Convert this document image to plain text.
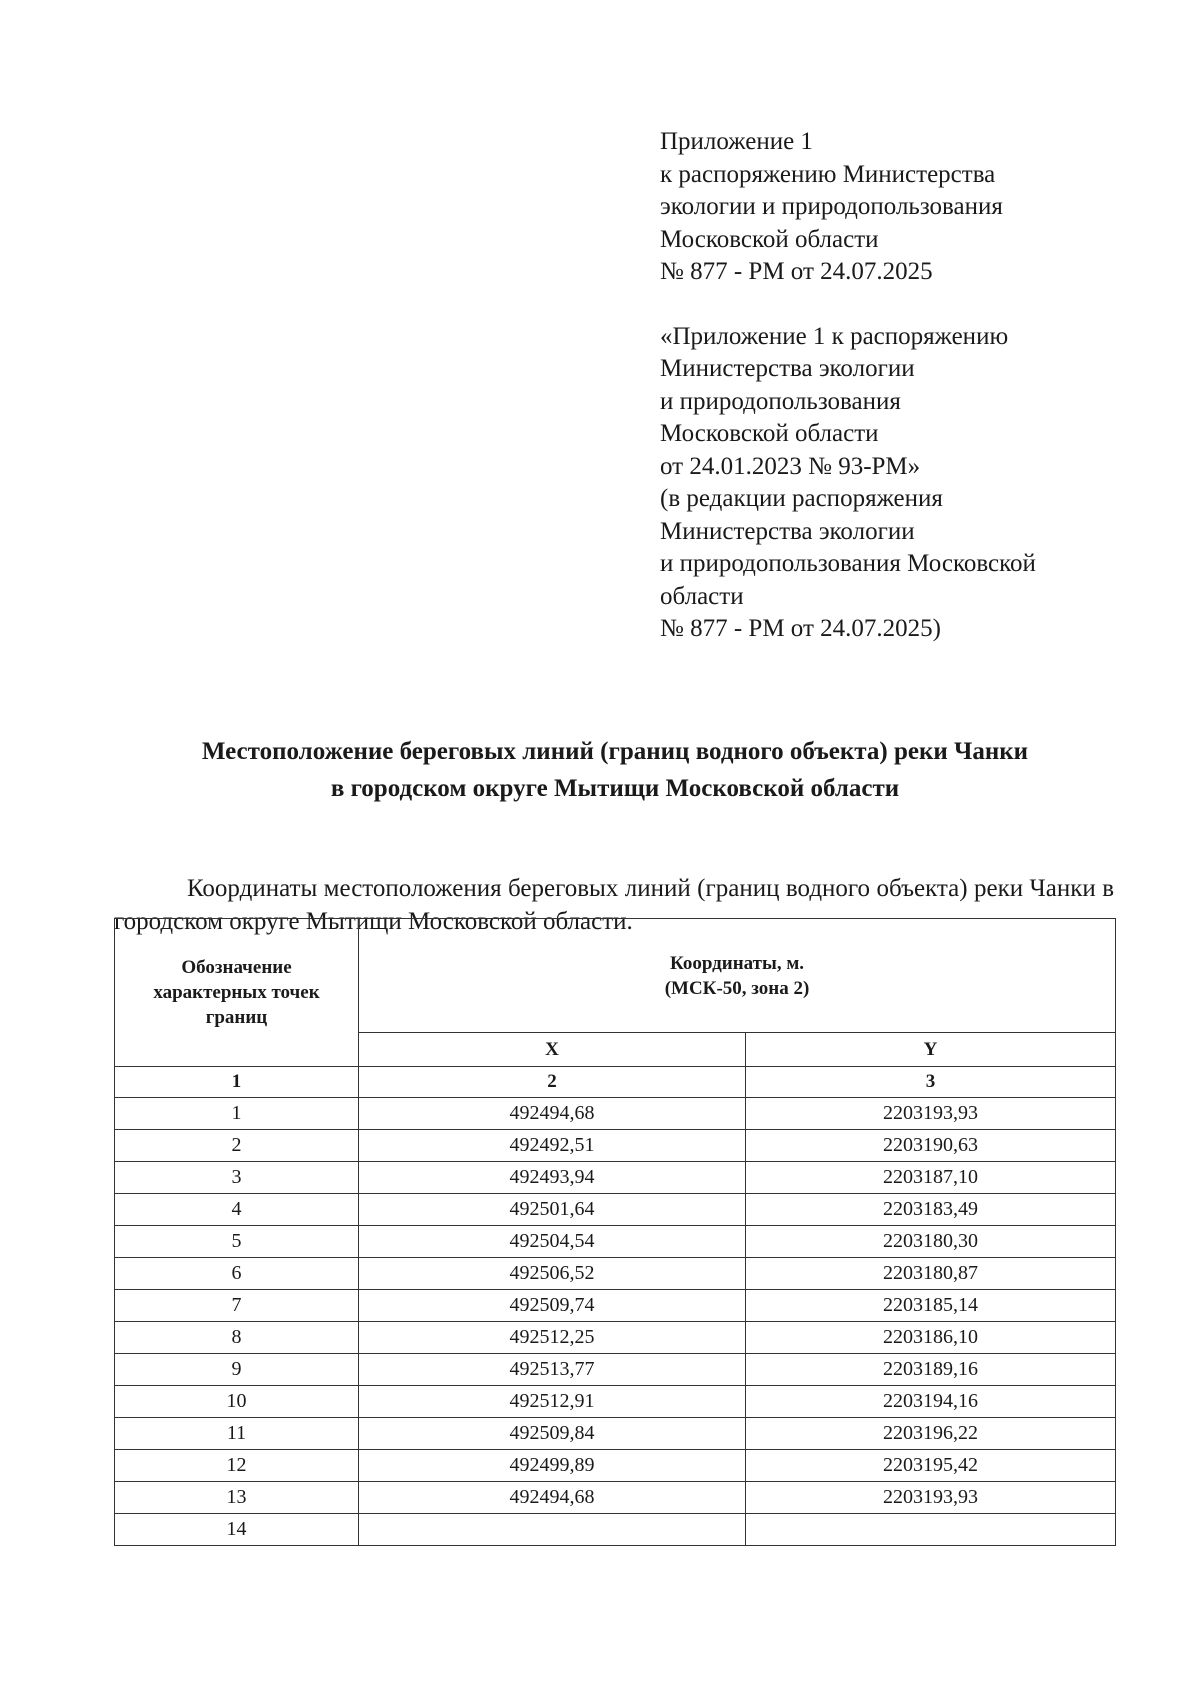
Приложение 1
к распоряжению Министерства
экологии и природопользования
Московской области
№ 877 - РМ от 24.07.2025
«Приложение 1 к распоряжению
Министерства экологии
и природопользования
Московской области
от 24.01.2023 № 93-РМ»
(в редакции распоряжения
Министерства экологии
и природопользования Московской
области
№ 877 - РМ от 24.07.2025)
Местоположение береговых линий (границ водного объекта) реки Чанки
в городском округе Мытищи Московской области

Координаты местоположения береговых линий (границ водного объекта) реки Чанки в городском округе Мытищи Московской области.

Обозначение
характерных точек
границ	Координаты, м.
(МСК-50, зона 2)	

	X	Y
1	2	3
1	492494,68	2203193,93
2	492492,51	2203190,63
3	492493,94	2203187,10
4	492501,64	2203183,49
5	492504,54	2203180,30
6	492506,52	2203180,87
7	492509,74	2203185,14
8	492512,25	2203186,10
9	492513,77	2203189,16
10	492512,91	2203194,16
11	492509,84	2203196,22
12	492499,89	2203195,42
13	492494,68	2203193,93
14		
